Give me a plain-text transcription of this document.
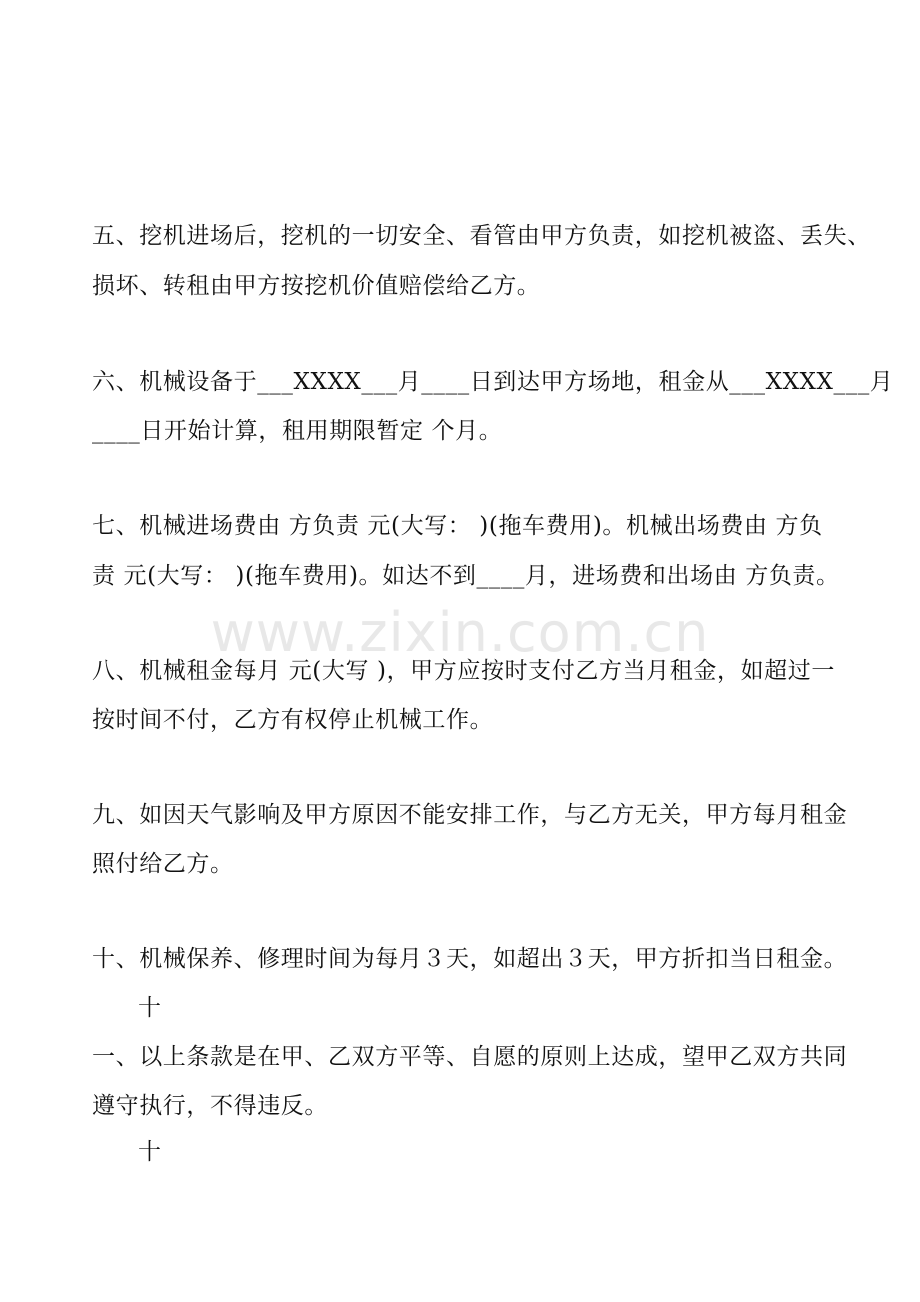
五、挖机进场后，挖机的一切安全、看管由甲方负责，如挖机被盗、丢失、
损坏、转租由甲方按挖机价值赔偿给乙方。
六、机械设备于___XXXX___月____日到达甲方场地，租金从___XXXX___月
____日开始计算，租用期限暂定 个月。
七、机械进场费由 方负责 元(大写： )(拖车费用)。机械出场费由 方负
责 元(大写： )(拖车费用)。如达不到____月，进场费和出场由 方负责。
八、机械租金每月 元(大写 )，甲方应按时支付乙方当月租金，如超过一
按时间不付，乙方有权停止机械工作。
九、如因天气影响及甲方原因不能安排工作，与乙方无关，甲方每月租金
照付给乙方。
十、机械保养、修理时间为每月３天，如超出３天，甲方折扣当日租金。
十
一、以上条款是在甲、乙双方平等、自愿的原则上达成，望甲乙双方共同
遵守执行，不得违反。
十
www.zixin.com.cn
